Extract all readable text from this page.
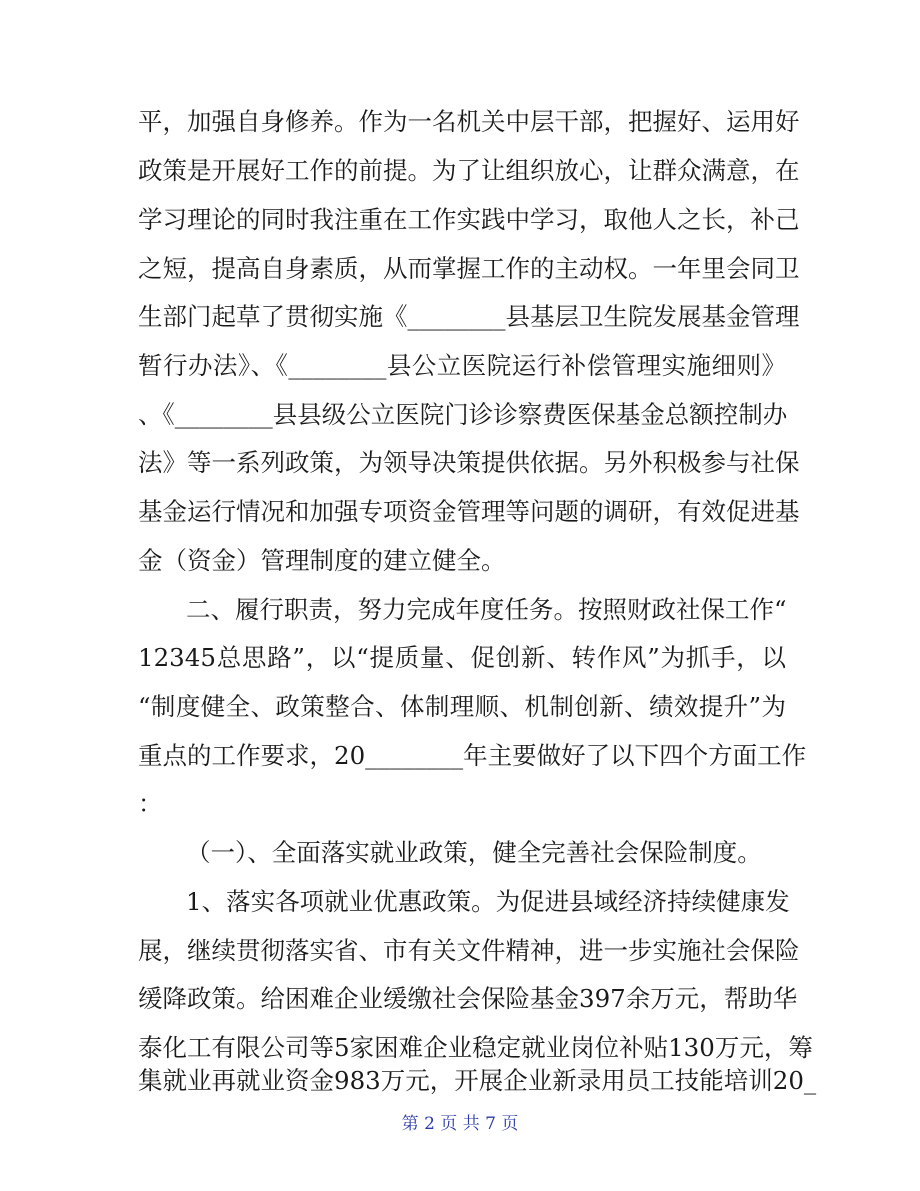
平，加强自身修养。作为一名机关中层干部，把握好、运用好
政策是开展好工作的前提。为了让组织放心，让群众满意，在
学习理论的同时我注重在工作实践中学习，取他人之长，补己
之短，提高自身素质，从而掌握工作的主动权。一年里会同卫
生部门起草了贯彻实施《________县基层卫生院发展基金管理
暂行办法》、《________县公立医院运行补偿管理实施细则》
、《________县县级公立医院门诊诊察费医保基金总额控制办
法》等一系列政策，为领导决策提供依据。另外积极参与社保
基金运行情况和加强专项资金管理等问题的调研，有效促进基
金（资金）管理制度的建立健全。
二、履行职责，努力完成年度任务。按照财政社保工作“
12345总思路”，以“提质量、促创新、转作风”为抓手，以
“制度健全、政策整合、体制理顺、机制创新、绩效提升”为
重点的工作要求，20________年主要做好了以下四个方面工作
：
（一）、全面落实就业政策，健全完善社会保险制度。
1、落实各项就业优惠政策。为促进县域经济持续健康发
展，继续贯彻落实省、市有关文件精神，进一步实施社会保险
缓降政策。给困难企业缓缴社会保险基金397余万元，帮助华
泰化工有限公司等5家困难企业稳定就业岗位补贴130万元，筹
集就业再就业资金983万元，开展企业新录用员工技能培训20_
第 2 页 共 7 页
